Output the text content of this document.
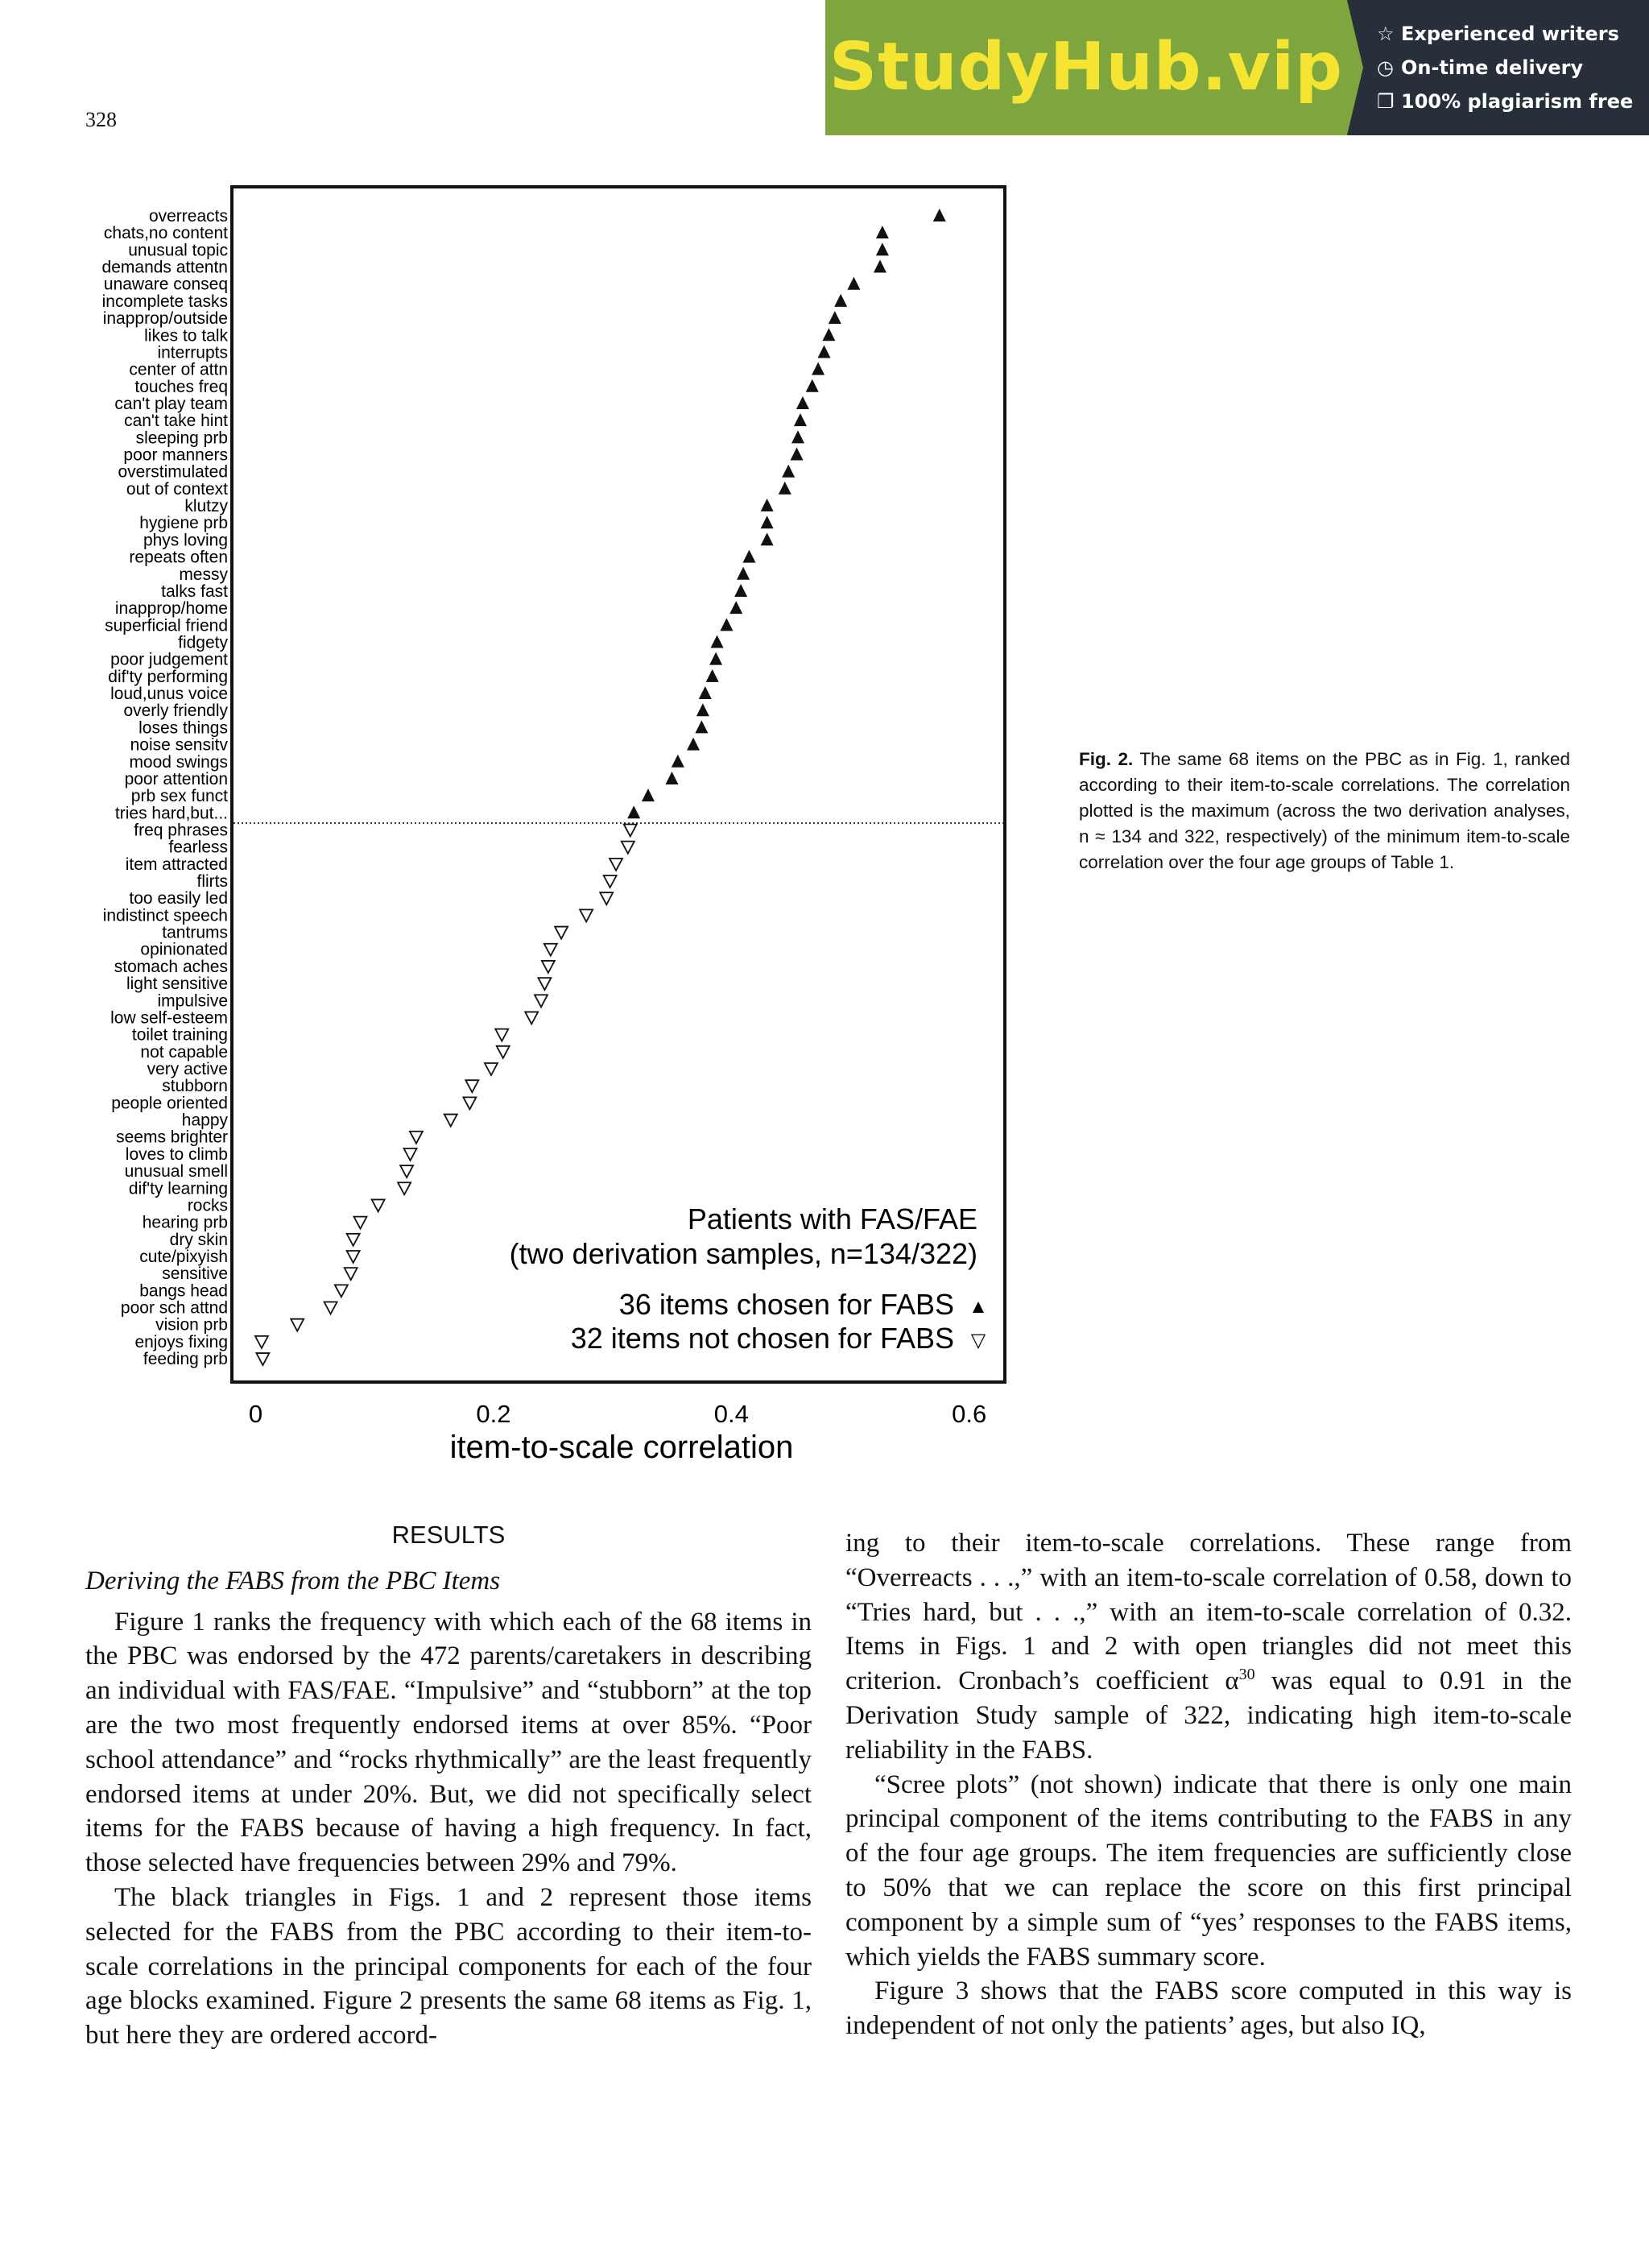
StudyHub.vip ☆ Experienced writers
◷ On-time delivery
❐ 100% plagiarism free
328
overreacts
chats,no content
unusual topic
demands attentn
unaware conseq
incomplete tasks
inapprop/outside
likes to talk
interrupts
center of attn
touches freq
can't play team
can't take hint
sleeping prb
poor manners
overstimulated
out of context
klutzy
hygiene prb
phys loving
repeats often
messy
talks fast
inapprop/home
superficial friend
fidgety
poor judgement
dif'ty performing
loud,unus voice
overly friendly
loses things
noise sensitv
mood swings
poor attention
prb sex funct
tries hard,but...
freq phrases
fearless
item attracted
flirts
too easily led
indistinct speech
tantrums
opinionated
stomach aches
light sensitive
impulsive
low self-esteem
toilet training
not capable
very active
stubborn
people oriented
happy
seems brighter
loves to climb
unusual smell
dif'ty learning
rocks
hearing prb
dry skin
cute/pixyish
sensitive
bangs head
poor sch attnd
vision prb
enjoys fixing
feeding prb
0	0.2	0.4	0.6
item-to-scale correlation
Patients with FAS/FAE
(two derivation samples, n=134/322)
36 items chosen for FABS ▲
32 items not chosen for FABS ▽
Fig. 2. The same 68 items on the PBC as in Fig. 1, ranked according to their item-to-scale correlations. The correlation plotted is the maximum (across the two derivation analyses, n ≈ 134 and 322, respectively) of the minimum item-to-scale correlation over the four age groups of Table 1.

RESULTS

Deriving the FABS from the PBC Items

Figure 1 ranks the frequency with which each of the 68 items in the PBC was endorsed by the 472 parents/caretakers in describing an individual with FAS/FAE. “Impulsive” and “stubborn” at the top are the two most frequently endorsed items at over 85%. “Poor school attendance” and “rocks rhythmically” are the least frequently endorsed items at under 20%. But, we did not specifically select items for the FABS because of having a high frequency. In fact, those selected have frequencies between 29% and 79%.

The black triangles in Figs. 1 and 2 represent those items selected for the FABS from the PBC according to their item-to-scale correlations in the principal components for each of the four age blocks examined. Figure 2 presents the same 68 items as Fig. 1, but here they are ordered accord-

ing to their item-to-scale correlations. These range from “Overreacts . . .,” with an item-to-scale correlation of 0.58, down to “Tries hard, but . . .,” with an item-to-scale correlation of 0.32. Items in Figs. 1 and 2 with open triangles did not meet this criterion. Cronbach’s coefficient $\alpha^{30}$ was equal to 0.91 in the Derivation Study sample of 322, indicating high item-to-scale reliability in the FABS.

“Scree plots” (not shown) indicate that there is only one main principal component of the items contributing to the FABS in any of the four age groups. The item frequencies are sufficiently close to 50% that we can replace the score on this first principal component by a simple sum of “yes’ responses to the FABS items, which yields the FABS summary score.

Figure 3 shows that the FABS score computed in this way is independent of not only the patients’ ages, but also IQ,
